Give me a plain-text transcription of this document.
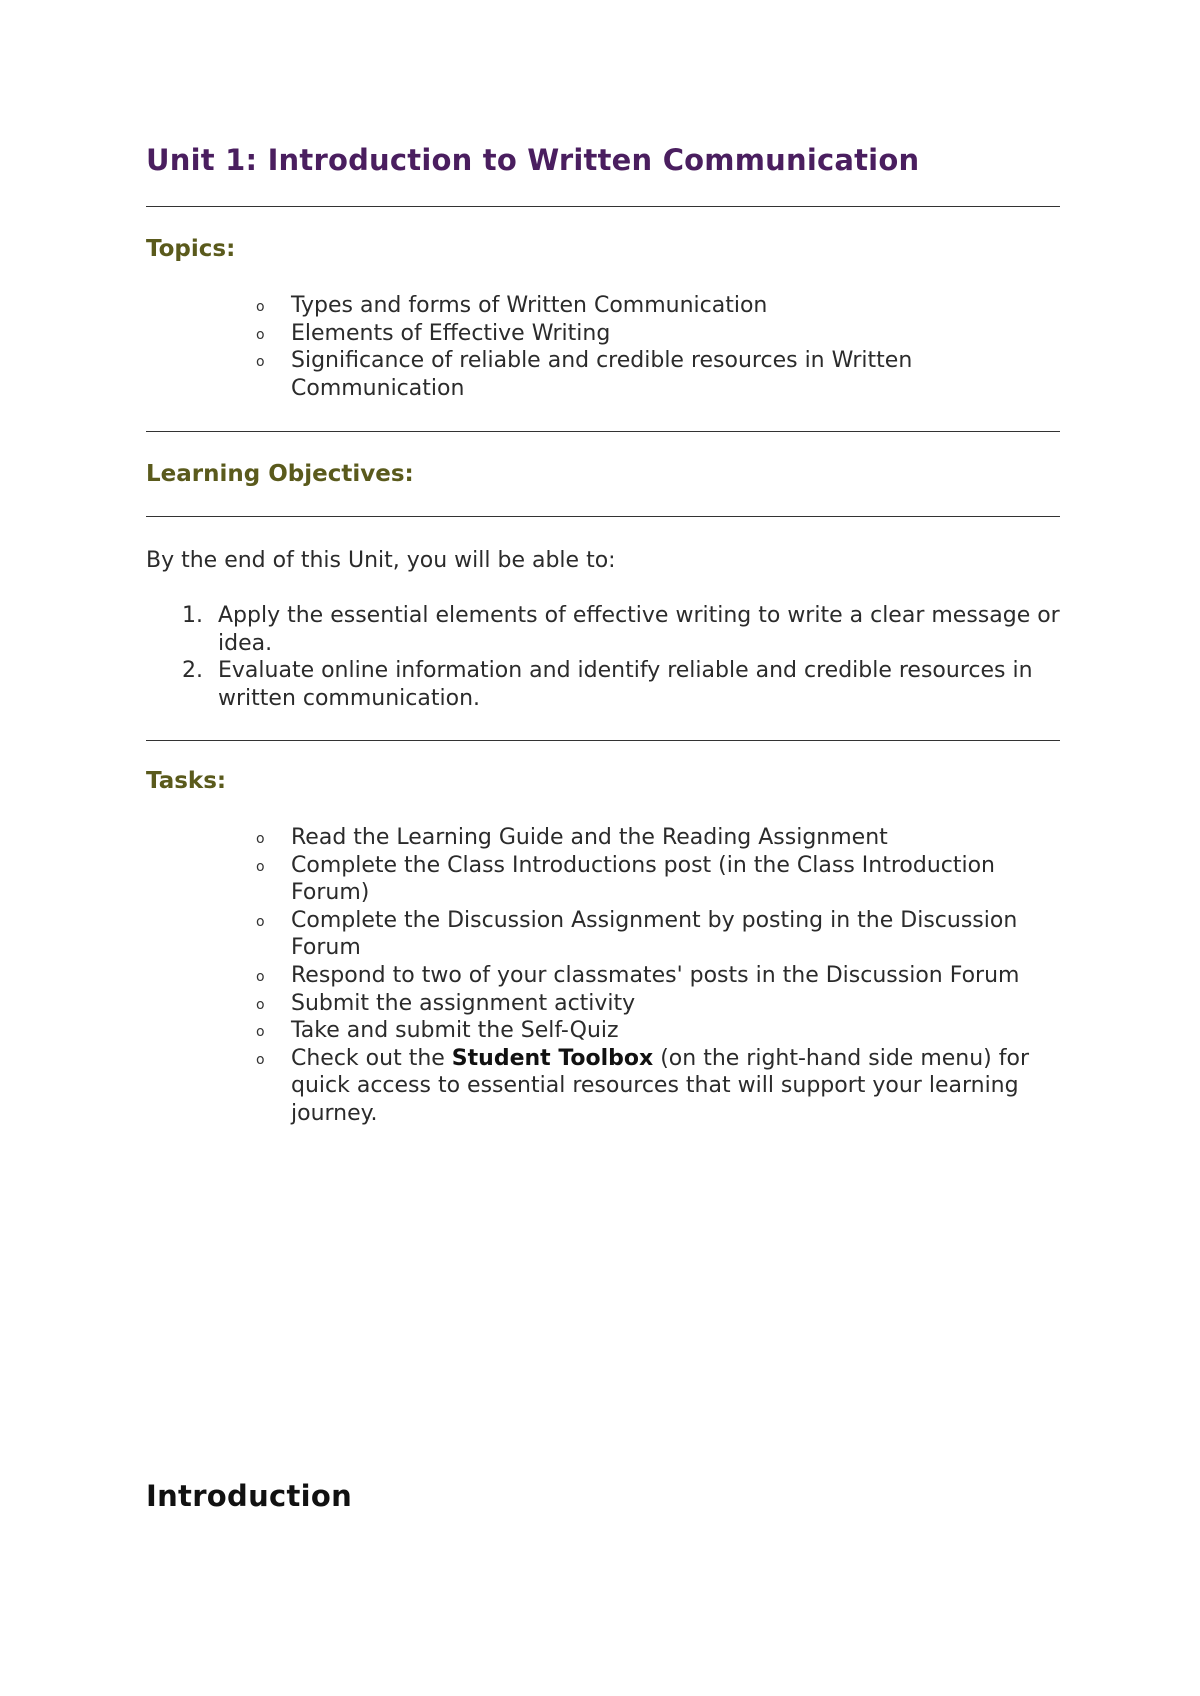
Unit 1: Introduction to Written Communication
Topics:
o Types and forms of Written Communication
o Elements of Effective Writing
o Significance of reliable and credible resources in Written Communication
Learning Objectives:

By the end of this Unit, you will be able to:

1. Apply the essential elements of effective writing to write a clear message or idea.
2. Evaluate online information and identify reliable and credible resources in written communication.
Tasks:
o Read the Learning Guide and the Reading Assignment
o Complete the Class Introductions post (in the Class Introduction Forum)
o Complete the Discussion Assignment by posting in the Discussion Forum
o Respond to two of your classmates' posts in the Discussion Forum
o Submit the assignment activity
o Take and submit the Self-Quiz
o Check out the Student Toolbox (on the right-hand side menu) for quick access to essential resources that will support your learning journey.
Introduction
